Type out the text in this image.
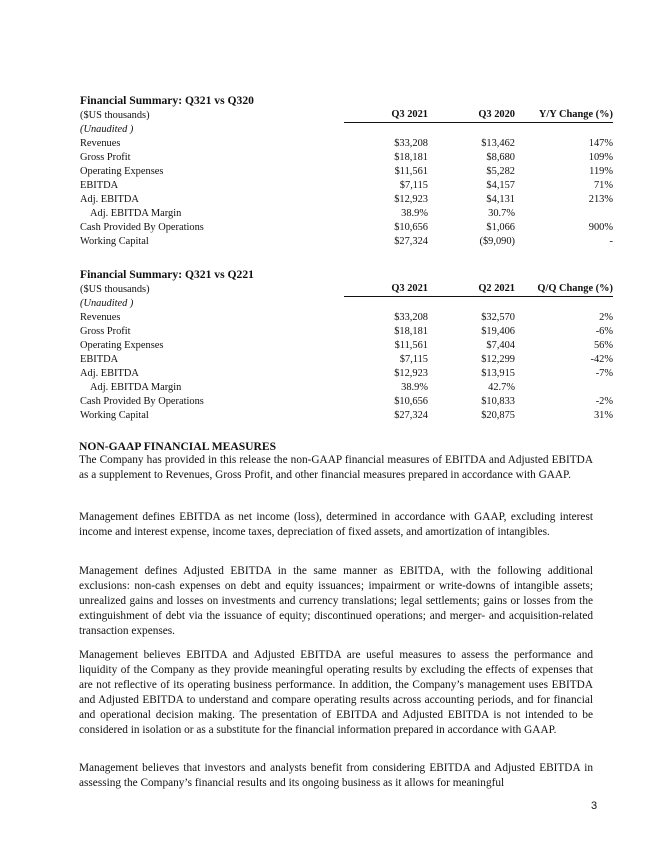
Financial Summary: Q321 vs Q320
($US thousands)	Q3 2021	Q3 2020	Y/Y Change (%)
(Unaudited )			
Revenues	$33,208	$13,462	147%
Gross Profit	$18,181	$8,680	109%
Operating Expenses	$11,561	$5,282	119%
EBITDA	$7,115	$4,157	71%
Adj. EBITDA	$12,923	$4,131	213%
Adj. EBITDA Margin	38.9%	30.7%	
Cash Provided By Operations	$10,656	$1,066	900%
Working Capital	$27,324	($9,090)	-
Financial Summary: Q321 vs Q221
($US thousands)	Q3 2021	Q2 2021	Q/Q Change (%)
(Unaudited )			
Revenues	$33,208	$32,570	2%
Gross Profit	$18,181	$19,406	-6%
Operating Expenses	$11,561	$7,404	56%
EBITDA	$7,115	$12,299	-42%
Adj. EBITDA	$12,923	$13,915	-7%
Adj. EBITDA Margin	38.9%	42.7%	
Cash Provided By Operations	$10,656	$10,833	-2%
Working Capital	$27,324	$20,875	31%

NON-GAAP FINANCIAL MEASURES

The Company has provided in this release the non-GAAP financial measures of EBITDA and Adjusted EBITDA as a supplement to Revenues, Gross Profit, and other financial measures prepared in accordance with GAAP.

Management defines EBITDA as net income (loss), determined in accordance with GAAP, excluding interest income and interest expense, income taxes, depreciation of fixed assets, and amortization of intangibles.

Management defines Adjusted EBITDA in the same manner as EBITDA, with the following additional exclusions: non-cash expenses on debt and equity issuances; impairment or write-downs of intangible assets; unrealized gains and losses on investments and currency translations; legal settlements; gains or losses from the extinguishment of debt via the issuance of equity; discontinued operations; and merger- and acquisition-related transaction expenses.

Management believes EBITDA and Adjusted EBITDA are useful measures to assess the performance and liquidity of the Company as they provide meaningful operating results by excluding the effects of expenses that are not reflective of its operating business performance. In addition, the Company’s management uses EBITDA and Adjusted EBITDA to understand and compare operating results across accounting periods, and for financial and operational decision making. The presentation of EBITDA and Adjusted EBITDA is not intended to be considered in isolation or as a substitute for the financial information prepared in accordance with GAAP.

Management believes that investors and analysts benefit from considering EBITDA and Adjusted EBITDA in assessing the Company’s financial results and its ongoing business as it allows for meaningful

3
